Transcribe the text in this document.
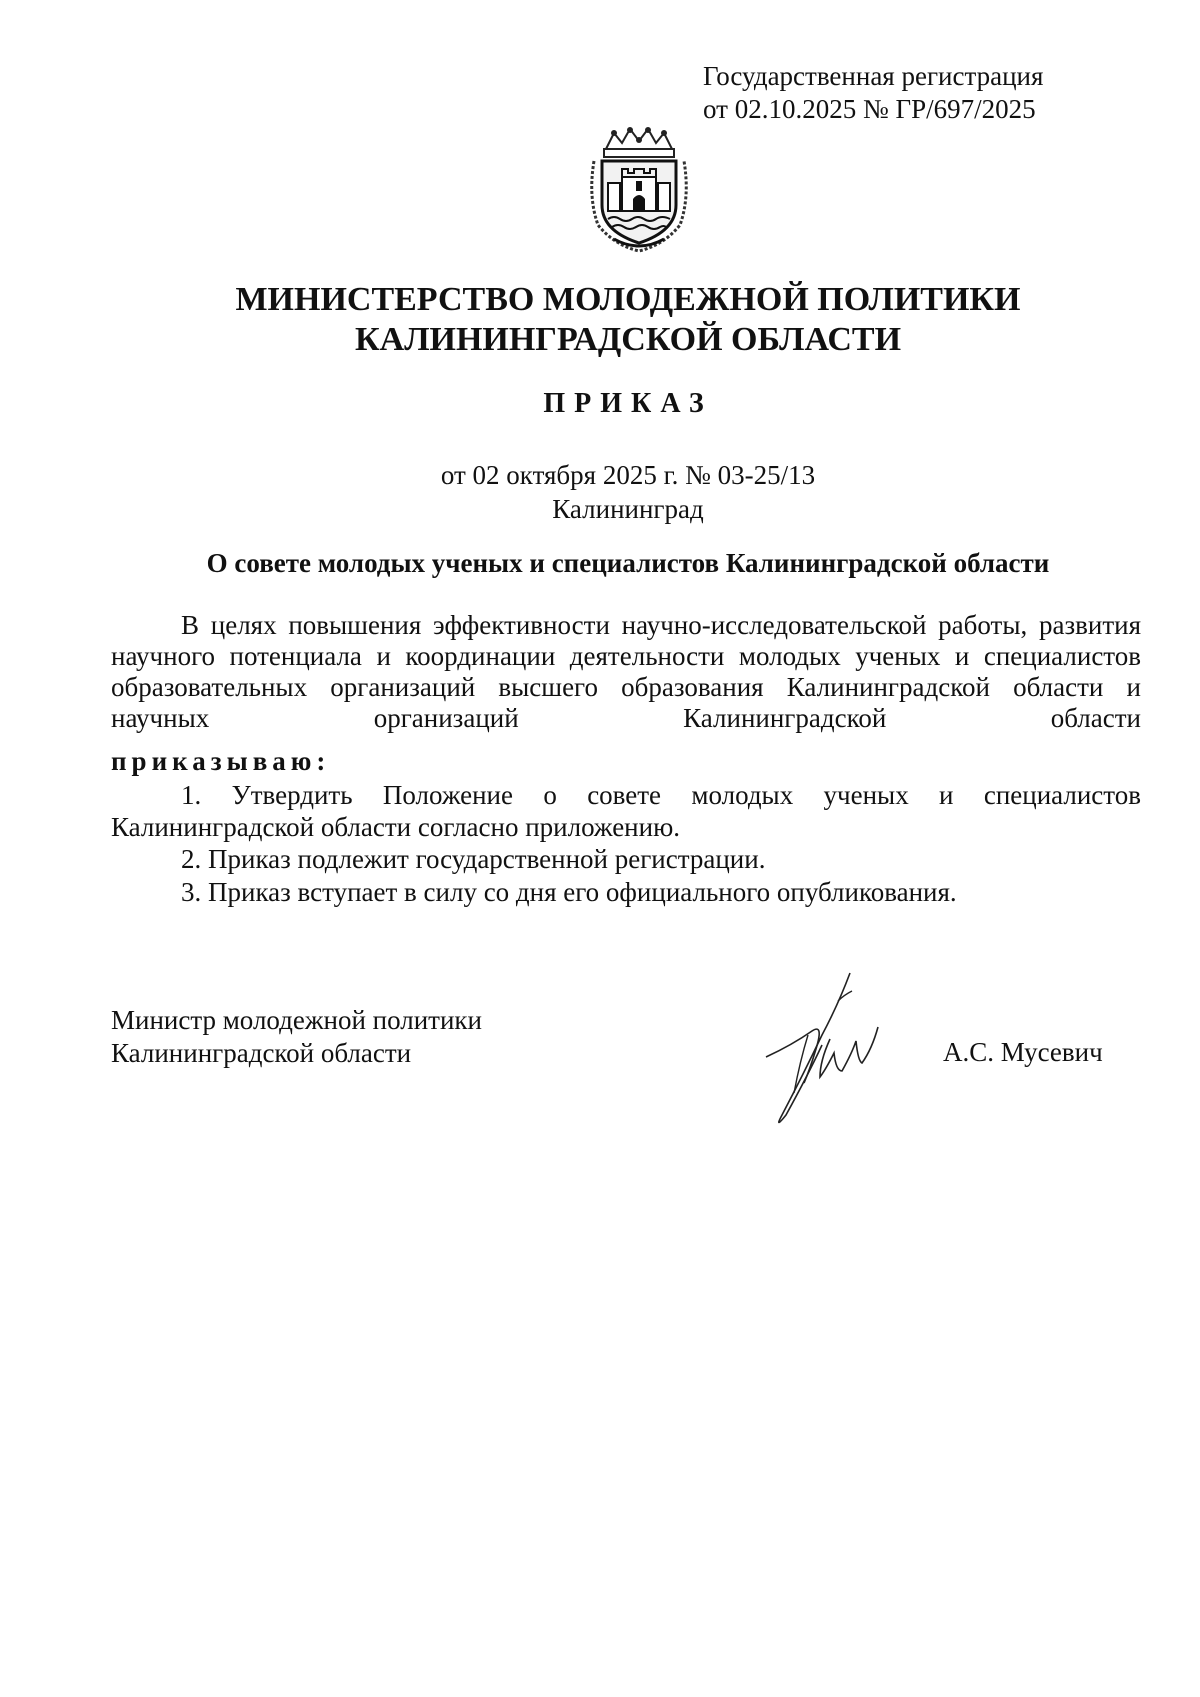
Государственная регистрация
от 02.10.2025 № ГР/697/2025
МИНИСТЕРСТВО МОЛОДЕЖНОЙ ПОЛИТИКИ
КАЛИНИНГРАДСКОЙ ОБЛАСТИ
ПРИКАЗ
от 02 октября 2025 г. № 03-25/13
Калининград
О совете молодых ученых и специалистов Калининградской области
В целях повышения эффективности научно-исследовательской работы, развития научного потенциала и координации деятельности молодых ученых и специалистов образовательных организаций высшего образования Калининградской области и научных организаций Калининградской области
приказываю:
1. Утвердить Положение о совете молодых ученых и специалистов Калининградской области согласно приложению.
2. Приказ подлежит государственной регистрации.
3. Приказ вступает в силу со дня его официального опубликования.
Министр молодежной политики
Калининградской области	А.С. Мусевич
